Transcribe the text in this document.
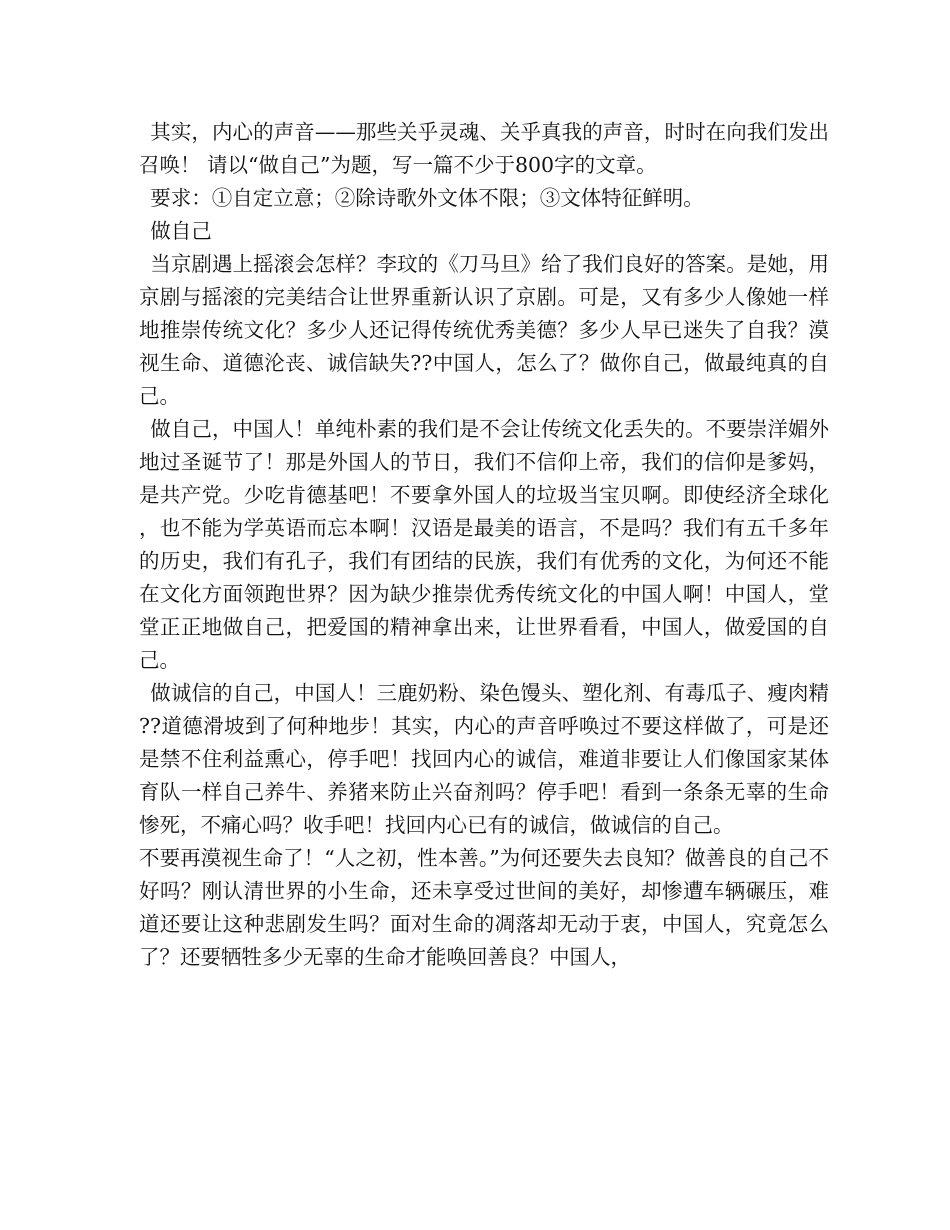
其实，内心的声音——那些关乎灵魂、关乎真我的声音，时时在向我们发出召唤！ 请以“做自己”为题，写一篇不少于800字的文章。

要求：①自定立意；②除诗歌外文体不限；③文体特征鲜明。

做自己

当京剧遇上摇滚会怎样？李玟的《刀马旦》给了我们良好的答案。是她，用京剧与摇滚的完美结合让世界重新认识了京剧。可是，又有多少人像她一样地推崇传统文化？多少人还记得传统优秀美德？多少人早已迷失了自我？漠视生命、道德沦丧、诚信缺失??中国人，怎么了？做你自己，做最纯真的自己。

做自己，中国人！单纯朴素的我们是不会让传统文化丢失的。不要崇洋媚外地过圣诞节了！那是外国人的节日，我们不信仰上帝，我们的信仰是爹妈，是共产党。少吃肯德基吧！不要拿外国人的垃圾当宝贝啊。即使经济全球化，也不能为学英语而忘本啊！汉语是最美的语言，不是吗？我们有五千多年的历史，我们有孔子，我们有团结的民族，我们有优秀的文化，为何还不能在文化方面领跑世界？因为缺少推崇优秀传统文化的中国人啊！中国人，堂堂正正地做自己，把爱国的精神拿出来，让世界看看，中国人，做爱国的自己。

做诚信的自己，中国人！三鹿奶粉、染色馒头、塑化剂、有毒瓜子、瘦肉精??道德滑坡到了何种地步！其实，内心的声音呼唤过不要这样做了，可是还是禁不住利益熏心，停手吧！找回内心的诚信，难道非要让人们像国家某体育队一样自己养牛、养猪来防止兴奋剂吗？停手吧！看到一条条无辜的生命惨死，不痛心吗？收手吧！找回内心已有的诚信，做诚信的自己。

不要再漠视生命了！“人之初，性本善。”为何还要失去良知？做善良的自己不好吗？刚认清世界的小生命，还未享受过世间的美好，却惨遭车辆碾压，难道还要让这种悲剧发生吗？面对生命的凋落却无动于衷，中国人，究竟怎么了？还要牺牲多少无辜的生命才能唤回善良？中国人，
